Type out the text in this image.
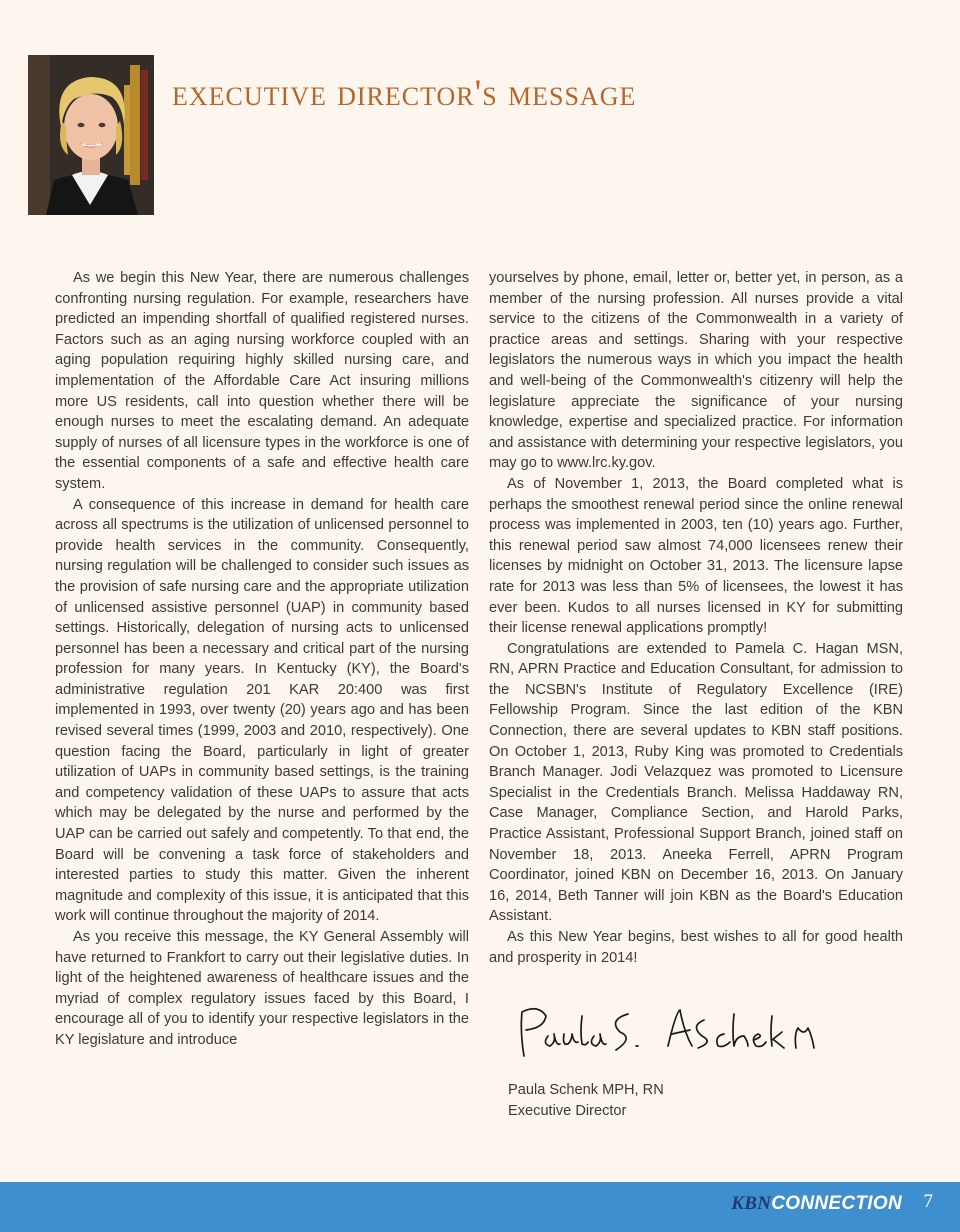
executive director's message

As we begin this New Year, there are numerous challenges confronting nursing regulation. For example, researchers have predicted an impending shortfall of qualified registered nurses. Factors such as an aging nursing workforce coupled with an aging population requiring highly skilled nursing care, and implementation of the Affordable Care Act insuring millions more US residents, call into question whether there will be enough nurses to meet the escalating demand. An adequate supply of nurses of all licensure types in the workforce is one of the essential components of a safe and effective health care system.

A consequence of this increase in demand for health care across all spectrums is the utilization of unlicensed personnel to provide health services in the community. Consequently, nursing regulation will be challenged to consider such issues as the provision of safe nursing care and the appropriate utilization of unlicensed assistive personnel (UAP) in community based settings. Historically, delegation of nursing acts to unlicensed personnel has been a necessary and critical part of the nursing profession for many years. In Kentucky (KY), the Board's administrative regulation 201 KAR 20:400 was first implemented in 1993, over twenty (20) years ago and has been revised several times (1999, 2003 and 2010, respectively). One question facing the Board, particularly in light of greater utilization of UAPs in community based settings, is the training and competency validation of these UAPs to assure that acts which may be delegated by the nurse and performed by the UAP can be carried out safely and competently. To that end, the Board will be convening a task force of stakeholders and interested parties to study this matter. Given the inherent magnitude and complexity of this issue, it is anticipated that this work will continue throughout the majority of 2014.

As you receive this message, the KY General Assembly will have returned to Frankfort to carry out their legislative duties. In light of the heightened awareness of healthcare issues and the myriad of complex regulatory issues faced by this Board, I encourage all of you to identify your respective legislators in the KY legislature and introduce

yourselves by phone, email, letter or, better yet, in person, as a member of the nursing profession. All nurses provide a vital service to the citizens of the Commonwealth in a variety of practice areas and settings. Sharing with your respective legislators the numerous ways in which you impact the health and well-being of the Commonwealth's citizenry will help the legislature appreciate the significance of your nursing knowledge, expertise and specialized practice. For information and assistance with determining your respective legislators, you may go to www.lrc.ky.gov.

As of November 1, 2013, the Board completed what is perhaps the smoothest renewal period since the online renewal process was implemented in 2003, ten (10) years ago. Further, this renewal period saw almost 74,000 licensees renew their licenses by midnight on October 31, 2013. The licensure lapse rate for 2013 was less than 5% of licensees, the lowest it has ever been. Kudos to all nurses licensed in KY for submitting their license renewal applications promptly!

Congratulations are extended to Pamela C. Hagan MSN, RN, APRN Practice and Education Consultant, for admission to the NCSBN's Institute of Regulatory Excellence (IRE) Fellowship Program. Since the last edition of the KBN Connection, there are several updates to KBN staff positions. On October 1, 2013, Ruby King was promoted to Credentials Branch Manager. Jodi Velazquez was promoted to Licensure Specialist in the Credentials Branch. Melissa Haddaway RN, Case Manager, Compliance Section, and Harold Parks, Practice Assistant, Professional Support Branch, joined staff on November 18, 2013. Aneeka Ferrell, APRN Program Coordinator, joined KBN on December 16, 2013. On January 16, 2014, Beth Tanner will join KBN as the Board's Education Assistant.

As this New Year begins, best wishes to all for good health and prosperity in 2014!

Paula S. Schenk MPH, RN
Paula Schenk MPH, RN
Executive Director
KBNCONNECTION 7
